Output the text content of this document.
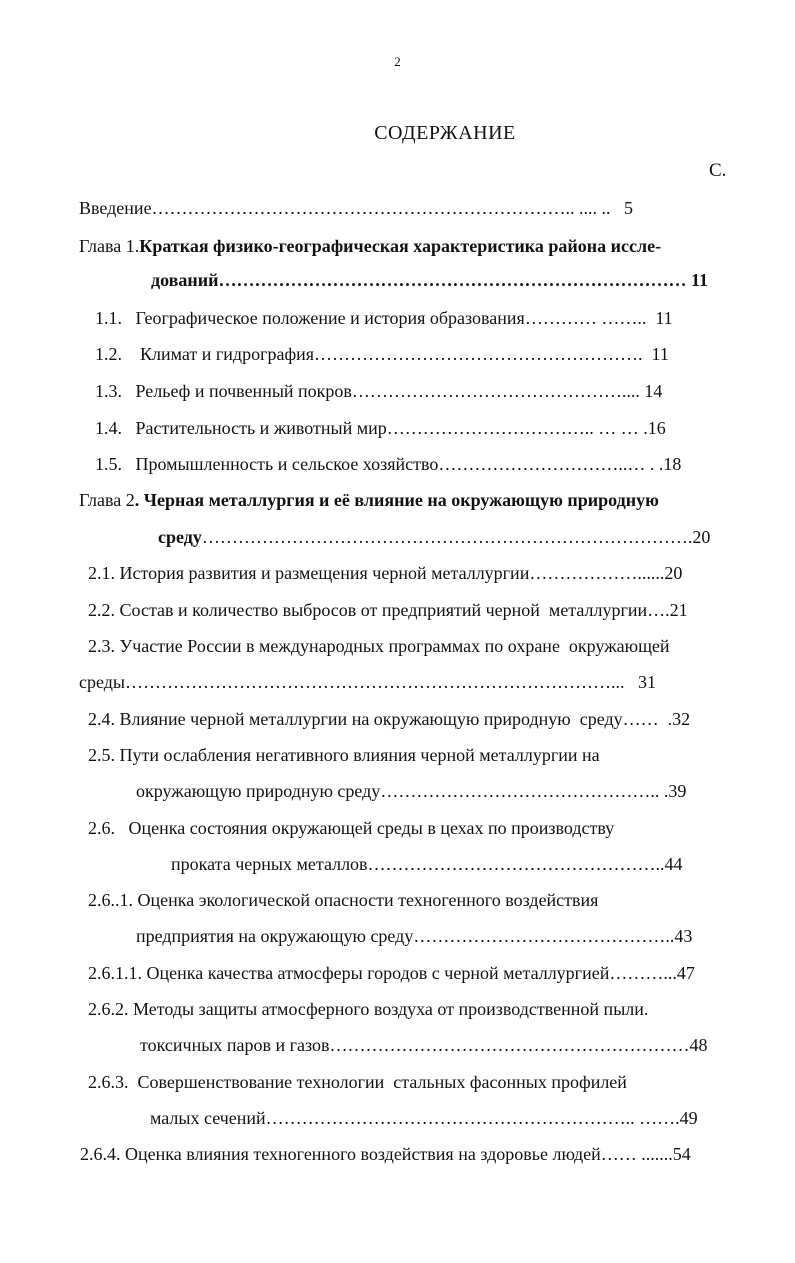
2
СОДЕРЖАНИЕ
С.
Введение…………………………………………………………….. .... ..   5
Глава 1.Краткая физико-географическая характеристика района иссле-
дований…………………………………………………………………… 11
1.1.   Географическое положение и история образования………… ……..  11
1.2.    Климат и гидрография……………………………………………….  11
1.3.   Рельеф и почвенный покров……………………………………….... 14
1.4.   Растительность и животный мир…………………………….. … … .16
1.5.   Промышленность и сельское хозяйство…………………………..… . .18
Глава 2. Черная металлургия и её влияние на окружающую природную
среду……………………………………………………………………….20
2.1. История развития и размещения черной металлургии………………......20
2.2. Состав и количество выбросов от предприятий черной  металлургии….21
2.3. Участие России в международных программах по охране  окружающей
среды………………………………………………………………………...   31
2.4. Влияние черной металлургии на окружающую природную  среду……  .32
2.5. Пути ослабления негативного влияния черной металлургии на
окружающую природную среду……………………………………….. .39
2.6.   Оценка состояния окружающей среды в цехах по производству
проката черных металлов…………………………………………..44
2.6..1. Оценка экологической опасности техногенного воздействия
предприятия на окружающую среду……………………………………..43
2.6.1.1. Оценка качества атмосферы городов с черной металлургией………...47
2.6.2. Методы защиты атмосферного воздуха от производственной пыли.
токсичных паров и газов……………………………………………………48
2.6.3.  Совершенствование технологии  стальных фасонных профилей
малых сечений…………………………………………………….. …….49
2.6.4. Оценка влияния техногенного воздействия на здоровье людей…… .......54
